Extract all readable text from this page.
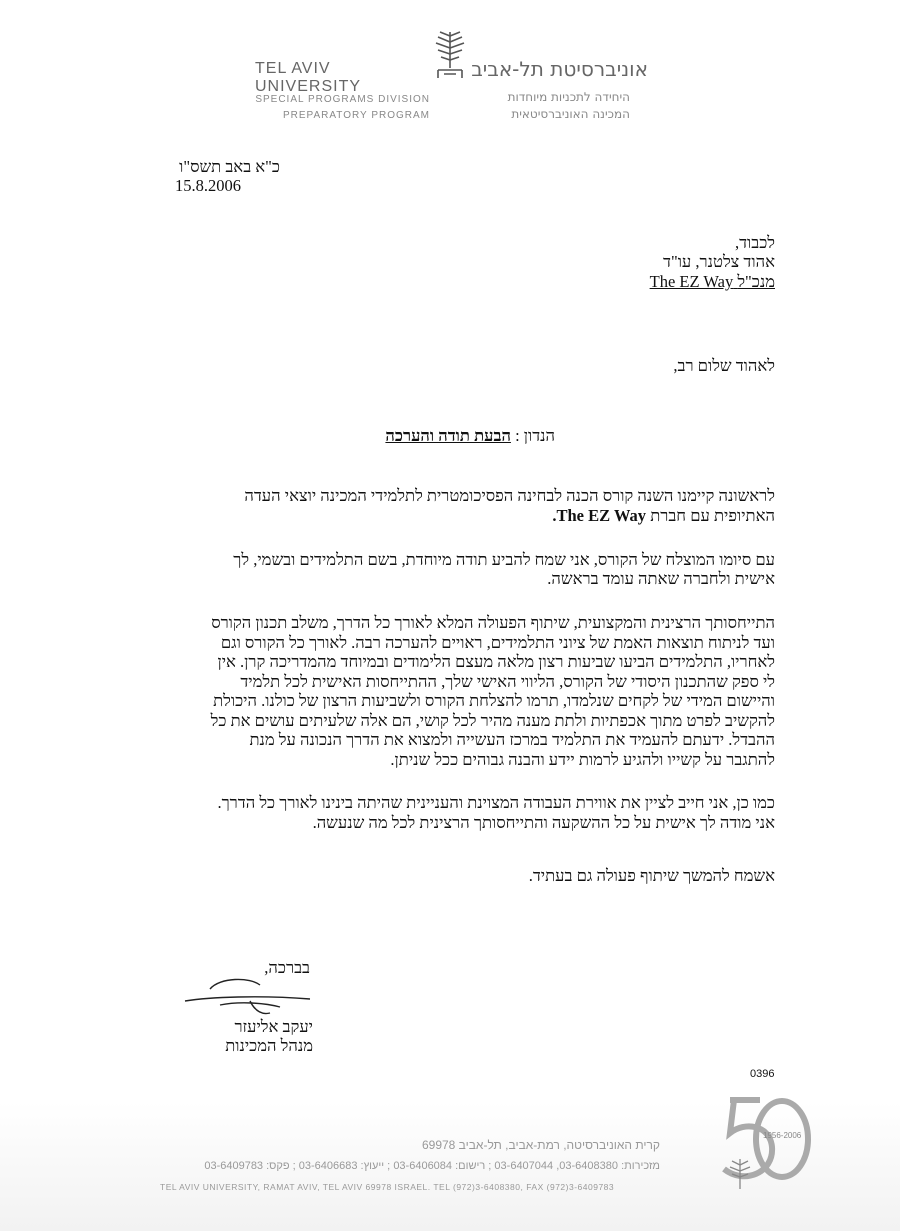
TEL AVIV UNIVERSITY
אוניברסיטת תל-אביב
SPECIAL PROGRAMS DIVISION
PREPARATORY PROGRAM
היחידה לתכניות מיוחדות
המכינה האוניברסיטאית
כ"א באב תשס"ו
15.8.2006
לכבוד,
אהוד צלטנר, עו"ד
מנכ"ל The EZ Way
לאהוד שלום רב,
הנדון : הבעת תודה והערכה
לראשונה קיימנו השנה קורס הכנה לבחינה הפסיכומטרית לתלמידי המכינה יוצאי העדה
האתיופית עם חברת The EZ Way.
עם סיומו המוצלח של הקורס, אני שמח להביע תודה מיוחדת, בשם התלמידים ובשמי, לך
אישית ולחברה שאתה עומד בראשה.
התייחסותך הרצינית והמקצועית, שיתוף הפעולה המלא לאורך כל הדרך, משלב תכנון הקורס
ועד לניתוח תוצאות האמת של ציוני התלמידים, ראויים להערכה רבה. לאורך כל הקורס וגם
לאחריו, התלמידים הביעו שביעות רצון מלאה מעצם הלימודים ובמיוחד מהמדריכה קרן. אין
לי ספק שהתכנון היסודי של הקורס, הליווי האישי שלך, ההתייחסות האישית לכל תלמיד
והיישום המידי של לקחים שנלמדו, תרמו להצלחת הקורס ולשביעות הרצון של כולנו. היכולת
להקשיב לפרט מתוך אכפתיות ולתת מענה מהיר לכל קושי, הם אלה שלעיתים עושים את כל
ההבדל. ידעתם להעמיד את התלמיד במרכז העשייה ולמצוא את הדרך הנכונה על מנת
להתגבר על קשייו ולהגיע לרמות יידע והבנה גבוהים ככל שניתן.
כמו כן, אני חייב לציין את אווירת העבודה המצוינת והעניינית שהיתה בינינו לאורך כל הדרך.
אני מודה לך אישית על כל ההשקעה והתייחסותך הרצינית לכל מה שנעשה.
אשמח להמשך שיתוף פעולה גם בעתיד.
בברכה,
יעקב אליעזר
מנהל המכינות
0396
קרית האוניברסיטה, רמת-אביב, תל-אביב 69978
מזכירות: 03-6408380, 03-6407044 ; רישום: 03-6406084 ; ייעוץ: 03-6406683 ; פקס: 03-6409783
TEL AVIV UNIVERSITY, RAMAT AVIV, TEL AVIV 69978 ISRAEL. TEL (972)3-6408380, FAX (972)3-6409783
1956-2006
